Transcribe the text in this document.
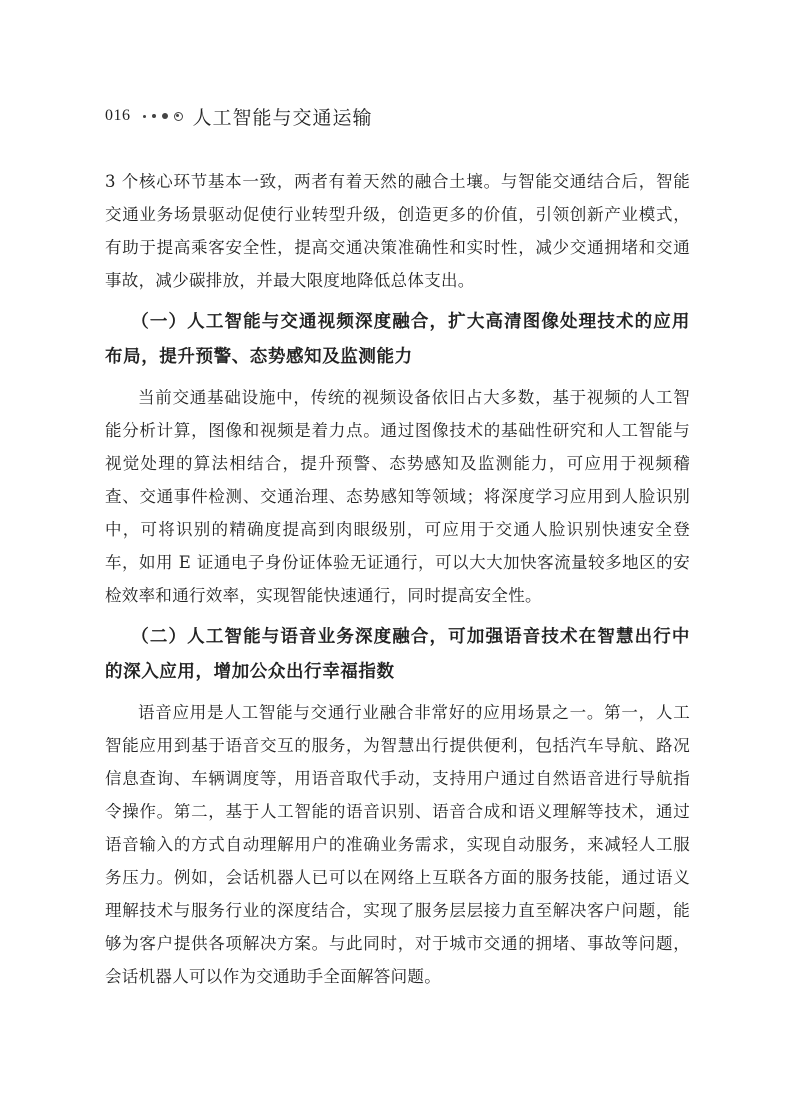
016	人工智能与交通运输

3 个核心环节基本一致，两者有着天然的融合土壤。与智能交通结合后，智能交通业务场景驱动促使行业转型升级，创造更多的价值，引领创新产业模式，有助于提高乘客安全性，提高交通决策准确性和实时性，减少交通拥堵和交通事故，减少碳排放，并最大限度地降低总体支出。

（一）人工智能与交通视频深度融合，扩大高清图像处理技术的应用布局，提升预警、态势感知及监测能力

当前交通基础设施中，传统的视频设备依旧占大多数，基于视频的人工智能分析计算，图像和视频是着力点。通过图像技术的基础性研究和人工智能与视觉处理的算法相结合，提升预警、态势感知及监测能力，可应用于视频稽查、交通事件检测、交通治理、态势感知等领域；将深度学习应用到人脸识别中，可将识别的精确度提高到肉眼级别，可应用于交通人脸识别快速安全登车，如用 E 证通电子身份证体验无证通行，可以大大加快客流量较多地区的安检效率和通行效率，实现智能快速通行，同时提高安全性。

（二）人工智能与语音业务深度融合，可加强语音技术在智慧出行中的深入应用，增加公众出行幸福指数

语音应用是人工智能与交通行业融合非常好的应用场景之一。第一，人工智能应用到基于语音交互的服务，为智慧出行提供便利，包括汽车导航、路况信息查询、车辆调度等，用语音取代手动，支持用户通过自然语音进行导航指令操作。第二，基于人工智能的语音识别、语音合成和语义理解等技术，通过语音输入的方式自动理解用户的准确业务需求，实现自动服务，来减轻人工服务压力。例如，会话机器人已可以在网络上互联各方面的服务技能，通过语义理解技术与服务行业的深度结合，实现了服务层层接力直至解决客户问题，能够为客户提供各项解决方案。与此同时，对于城市交通的拥堵、事故等问题，会话机器人可以作为交通助手全面解答问题。
